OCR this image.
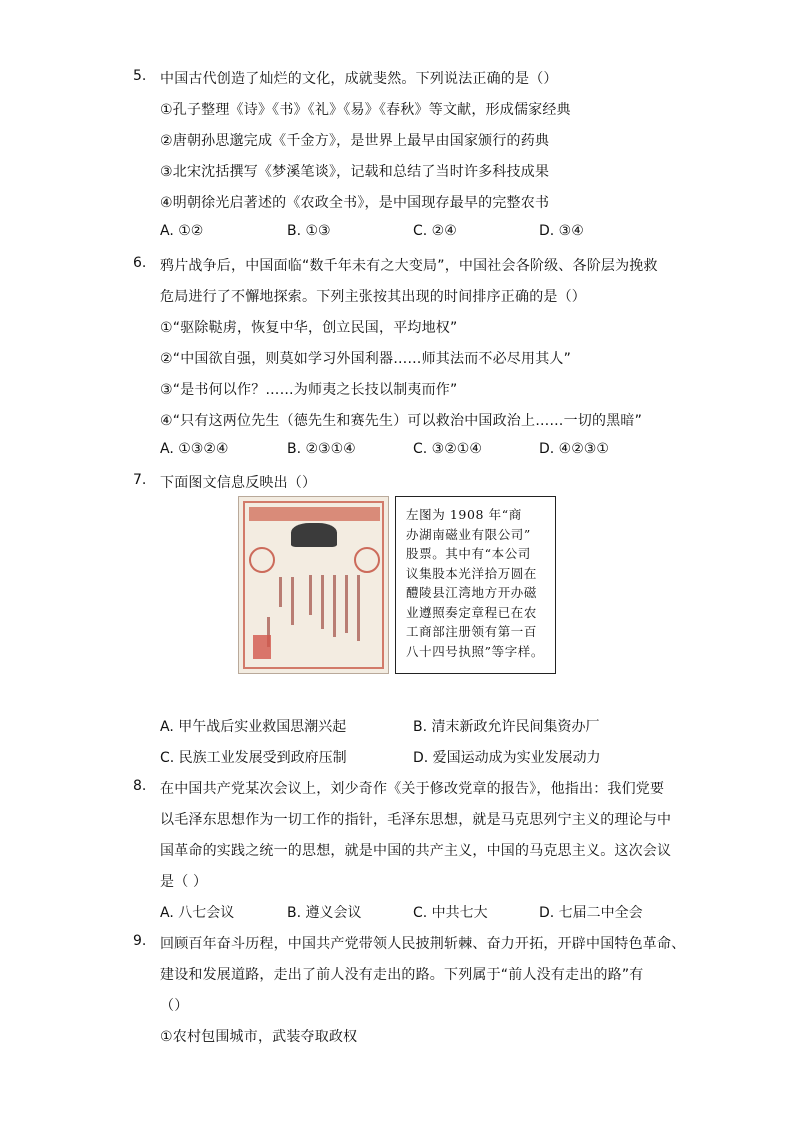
5. 中国古代创造了灿烂的文化，成就斐然。下列说法正确的是（）
①孔子整理《诗》《书》《礼》《易》《春秋》等文献，形成儒家经典
②唐朝孙思邈完成《千金方》，是世界上最早由国家颁行的药典
③北宋沈括撰写《梦溪笔谈》，记载和总结了当时许多科技成果
④明朝徐光启著述的《农政全书》，是中国现存最早的完整农书
A. ①②	B. ①③	C. ②④	D. ③④
6. 鸦片战争后，中国面临“数千年未有之大变局”，中国社会各阶级、各阶层为挽救
危局进行了不懈地探索。下列主张按其出现的时间排序正确的是（）
①“驱除鞑虏，恢复中华，创立民国，平均地权”
②“中国欲自强，则莫如学习外国利器……师其法而不必尽用其人”
③“是书何以作？……为师夷之长技以制夷而作”
④“只有这两位先生（德先生和赛先生）可以救治中国政治上……一切的黑暗”
A. ①③②④	B. ②③①④	C. ③②①④	D. ④②③①
7. 下面图文信息反映出（）
左图为 1908 年“商
办湖南磁业有限公司”
股票。其中有“本公司
议集股本光洋拾万圆在
醴陵县江湾地方开办磁
业遵照奏定章程已在农
工商部注册领有第一百
八十四号执照”等字样。
A. 甲午战后实业救国思潮兴起	B. 清末新政允许民间集资办厂
C. 民族工业发展受到政府压制	D. 爱国运动成为实业发展动力
8. 在中国共产党某次会议上，刘少奇作《关于修改党章的报告》，他指出：我们党要
以毛泽东思想作为一切工作的指针，毛泽东思想，就是马克思列宁主义的理论与中
国革命的实践之统一的思想，就是中国的共产主义，中国的马克思主义。这次会议
是（ ）
A. 八七会议	B. 遵义会议	C. 中共七大	D. 七届二中全会
9. 回顾百年奋斗历程，中国共产党带领人民披荆斩棘、奋力开拓，开辟中国特色革命、
建设和发展道路，走出了前人没有走出的路。下列属于“前人没有走出的路”有
（）
①农村包围城市，武装夺取政权
